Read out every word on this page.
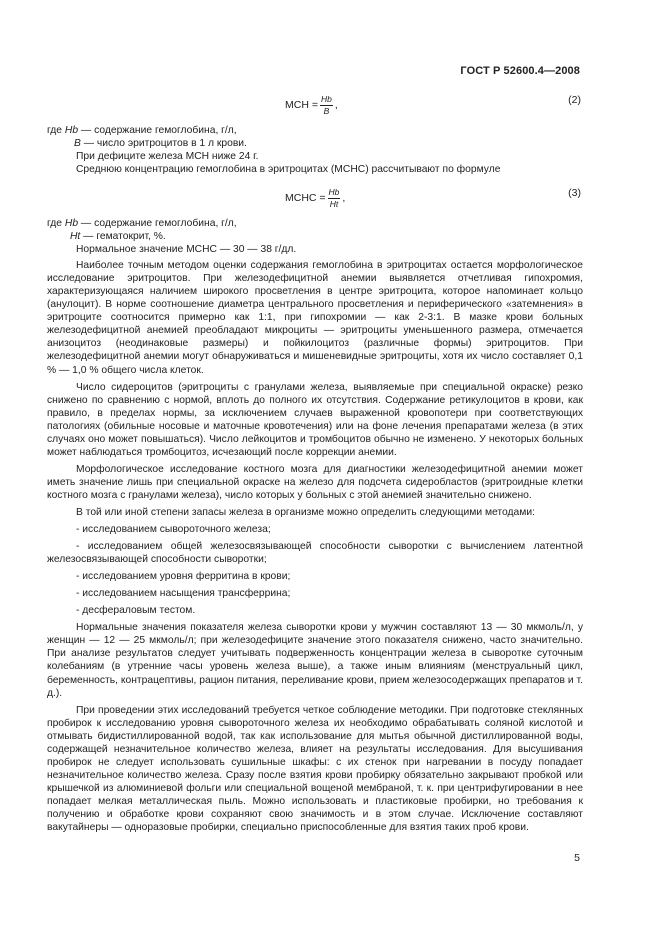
ГОСТ Р 52600.4—2008
MCH = $\frac{Hb}{B}$ ,	(2)

где Hb — содержание гемоглобина, г/л,

B — число эритроцитов в 1 л крови.

При дефиците железа МСН ниже 24 г.

Среднюю концентрацию гемоглобина в эритроцитах (МСНС) рассчитывают по формуле

MCHC = $\frac{Hb}{Ht}$ ,	(3)

где Hb — содержание гемоглобина, г/л,

Ht — гематокрит, %.

Нормальное значение МСНС — 30 — 38 г/дл.

Наиболее точным методом оценки содержания гемоглобина в эритроцитах остается морфологическое исследование эритроцитов. При железодефицитной анемии выявляется отчетливая гипохромия, характеризующаяся наличием широкого просветления в центре эритроцита, которое напоминает кольцо (анулоцит). В норме соотношение диаметра центрального просветления и периферического «затемнения» в эритроците соотносится примерно как 1:1, при гипохромии — как 2-3:1. В мазке крови больных железодефицитной анемией преобладают микроциты — эритроциты уменьшенного размера, отмечается анизоцитоз (неодинаковые размеры) и пойкилоцитоз (различные формы) эритроцитов. При железодефицитной анемии могут обнаруживаться и мишеневидные эритроциты, хотя их число составляет 0,1 % — 1,0 % общего числа клеток.

Число сидероцитов (эритроциты с гранулами железа, выявляемые при специальной окраске) резко снижено по сравнению с нормой, вплоть до полного их отсутствия. Содержание ретикулоцитов в крови, как правило, в пределах нормы, за исключением случаев выраженной кровопотери при соответствующих патологиях (обильные носовые и маточные кровотечения) или на фоне лечения препаратами железа (в этих случаях оно может повышаться). Число лейкоцитов и тромбоцитов обычно не изменено. У некоторых больных может наблюдаться тромбоцитоз, исчезающий после коррекции анемии.

Морфологическое исследование костного мозга для диагностики железодефицитной анемии может иметь значение лишь при специальной окраске на железо для подсчета сидеробластов (эритроидные клетки костного мозга с гранулами железа), число которых у больных с этой анемией значительно снижено.

В той или иной степени запасы железа в организме можно определить следующими методами:

- исследованием сывороточного железа;

- исследованием общей железосвязывающей способности сыворотки с вычислением латентной железосвязывающей способности сыворотки;

- исследованием уровня ферритина в крови;

- исследованием насыщения трансферрина;

- десфераловым тестом.

Нормальные значения показателя железа сыворотки крови у мужчин составляют 13 — 30 мкмоль/л, у женщин — 12 — 25 мкмоль/л; при железодефиците значение этого показателя снижено, часто значительно. При анализе результатов следует учитывать подверженность концентрации железа в сыворотке суточным колебаниям (в утренние часы уровень железа выше), а также иным влияниям (менструальный цикл, беременность, контрацептивы, рацион питания, переливание крови, прием железосодержащих препаратов и т. д.).

При проведении этих исследований требуется четкое соблюдение методики. При подготовке стеклянных пробирок к исследованию уровня сывороточного железа их необходимо обрабатывать соляной кислотой и отмывать бидистиллированной водой, так как использование для мытья обычной дистиллированной воды, содержащей незначительное количество железа, влияет на результаты исследования. Для высушивания пробирок не следует использовать сушильные шкафы: с их стенок при нагревании в посуду попадает незначительное количество железа. Сразу после взятия крови пробирку обязательно закрывают пробкой или крышечкой из алюминиевой фольги или специальной вощеной мембраной, т. к. при центрифугировании в нее попадает мелкая металлическая пыль. Можно использовать и пластиковые пробирки, но требования к получению и обработке крови сохраняют свою значимость и в этом случае. Исключение составляют вакутайнеры — одноразовые пробирки, специально приспособленные для взятия таких проб крови.

5
